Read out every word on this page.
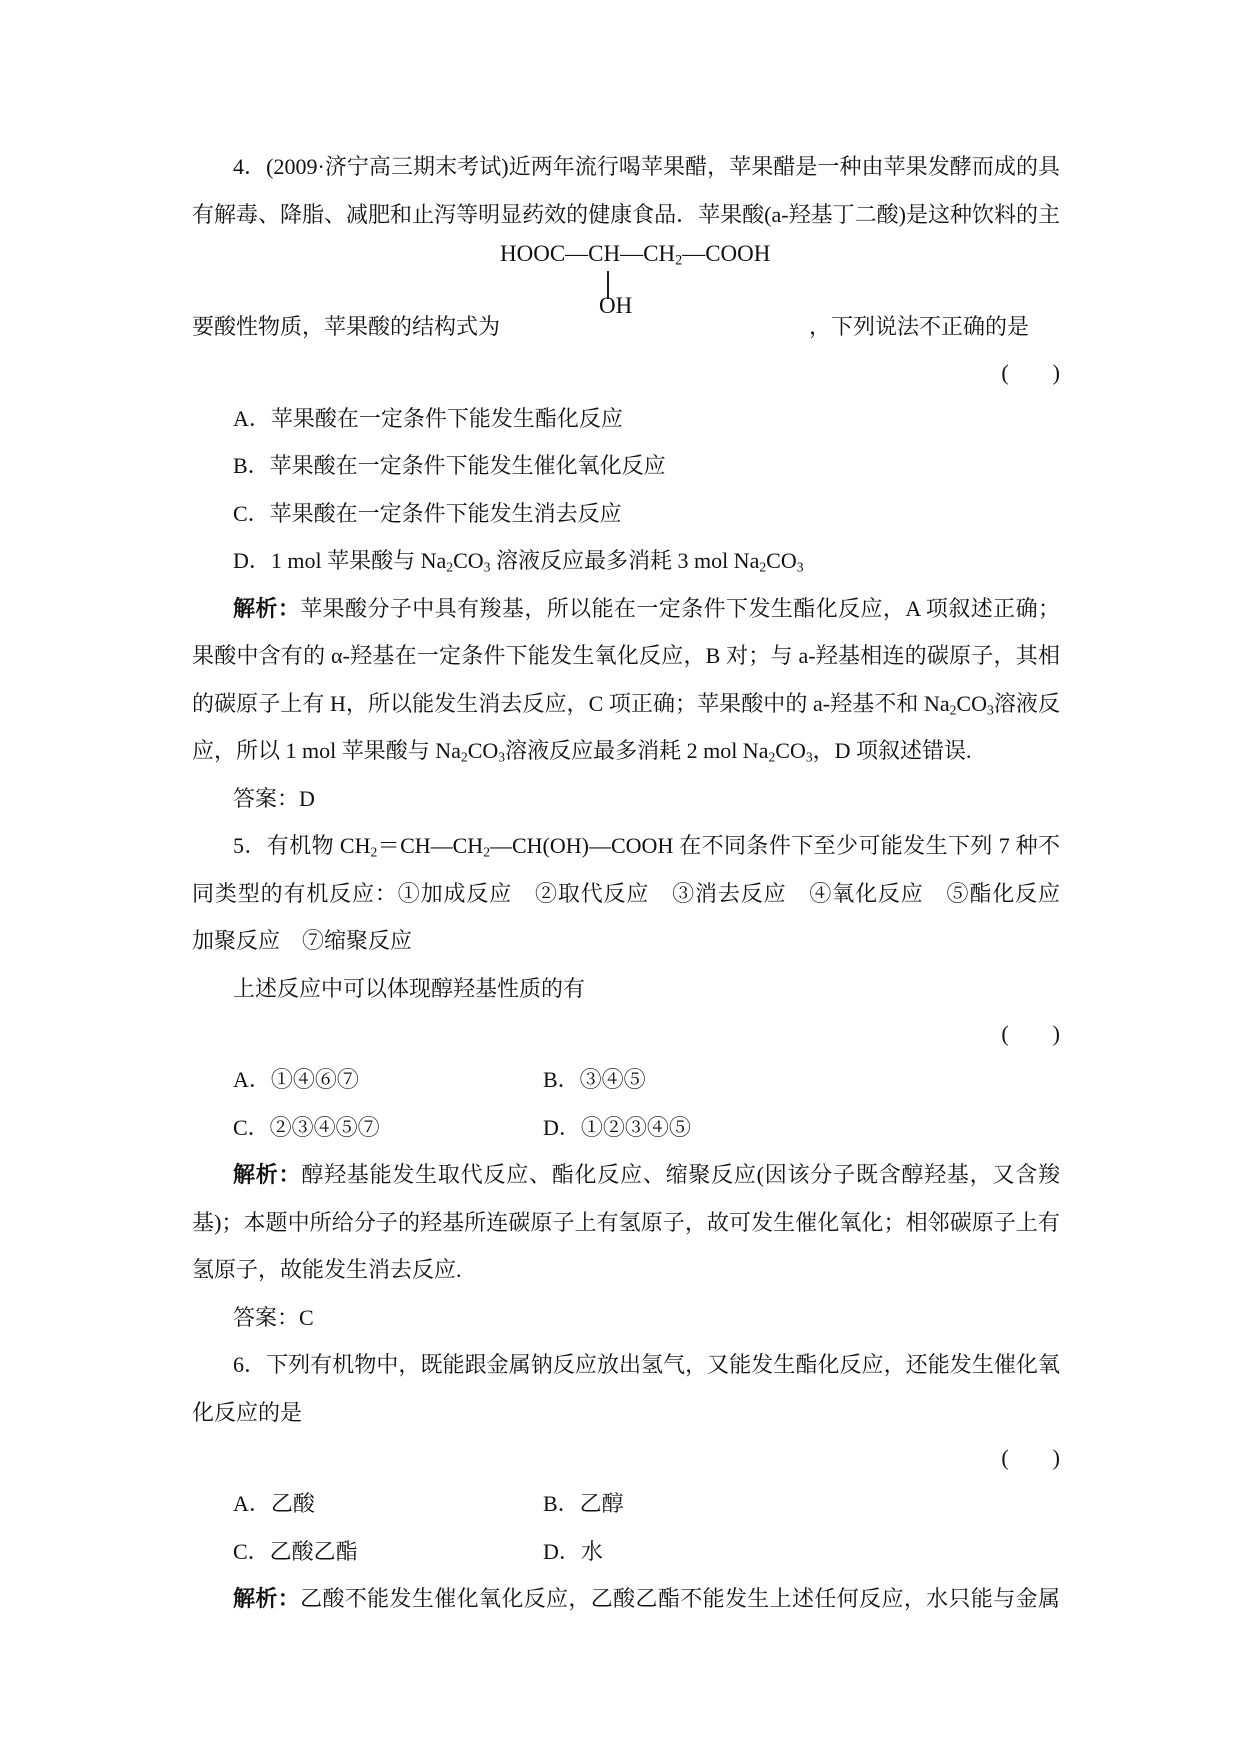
4．(2009·济宁高三期末考试)近两年流行喝苹果醋，苹果醋是一种由苹果发酵而成的具
有解毒、降脂、减肥和止泻等明显药效的健康食品．苹果酸(a-羟基丁二酸)是这种饮料的主
要酸性物质，苹果酸的结构式为
$HOOC—CH—CH_2—COOH$
OH
，下列说法不正确的是
(　　)
A．苹果酸在一定条件下能发生酯化反应
B．苹果酸在一定条件下能发生催化氧化反应
C．苹果酸在一定条件下能发生消去反应
D．1 mol 苹果酸与 $Na_2CO_3$ 溶液反应最多消耗 3 mol $Na_2CO_3$
解析：苹果酸分子中具有羧基，所以能在一定条件下发生酯化反应，A 项叙述正确；
果酸中含有的 α-羟基在一定条件下能发生氧化反应，B 对；与 a-羟基相连的碳原子，其相
的碳原子上有 H，所以能发生消去反应，C 项正确；苹果酸中的 a-羟基不和 $Na_2CO_3$溶液反
应，所以 1 mol 苹果酸与 $Na_2CO_3$溶液反应最多消耗 2 mol $Na_2CO_3$，D 项叙述错误.
答案：D
5．有机物 $CH_2=CH—CH_2—CH(OH)—COOH$ 在不同条件下至少可能发生下列 7 种不
同类型的有机反应：①加成反应　②取代反应　③消去反应　④氧化反应　⑤酯化反应　
加聚反应　⑦缩聚反应
上述反应中可以体现醇羟基性质的有
(　　)
A．①④⑥⑦	B．③④⑤
C．②③④⑤⑦	D．①②③④⑤
解析：醇羟基能发生取代反应、酯化反应、缩聚反应(因该分子既含醇羟基，又含羧
基)；本题中所给分子的羟基所连碳原子上有氢原子，故可发生催化氧化；相邻碳原子上有
氢原子，故能发生消去反应.
答案：C
6．下列有机物中，既能跟金属钠反应放出氢气，又能发生酯化反应，还能发生催化氧
化反应的是
(　　)
A．乙酸	B．乙醇
C．乙酸乙酯	D．水
解析：乙酸不能发生催化氧化反应，乙酸乙酯不能发生上述任何反应，水只能与金属
